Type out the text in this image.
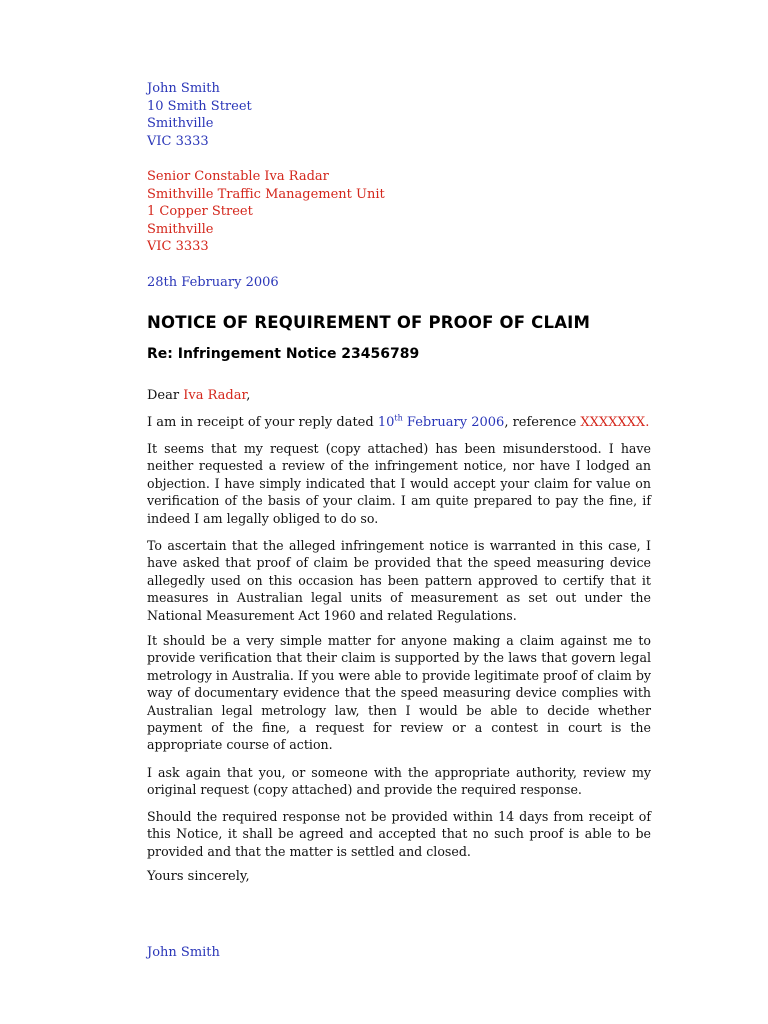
John Smith
10 Smith Street
Smithville
VIC 3333
Senior Constable Iva Radar
Smithville Traffic Management Unit
1 Copper Street
Smithville
VIC 3333
28th February 2006
NOTICE OF REQUIREMENT OF PROOF OF CLAIM
Re: Infringement Notice 23456789
Dear Iva Radar,
I am in receipt of your reply dated 10th February 2006, reference XXXXXXX.
It seems that my request (copy attached) has been misunderstood. I have neither requested a review of the infringement notice, nor have I lodged an objection. I have simply indicated that I would accept your claim for value on verification of the basis of your claim. I am quite prepared to pay the fine, if indeed I am legally obliged to do so.
To ascertain that the alleged infringement notice is warranted in this case, I have asked that proof of claim be provided that the speed measuring device allegedly used on this occasion has been pattern approved to certify that it measures in Australian legal units of measurement as set out under the National Measurement Act 1960 and related Regulations.
It should be a very simple matter for anyone making a claim against me to provide verification that their claim is supported by the laws that govern legal metrology in Australia. If you were able to provide legitimate proof of claim by way of documentary evidence that the speed measuring device complies with Australian legal metrology law, then I would be able to decide whether payment of the fine, a request for review or a contest in court is the appropriate course of action.
I ask again that you, or someone with the appropriate authority, review my original request (copy attached) and provide the required response.
Should the required response not be provided within 14 days from receipt of this Notice, it shall be agreed and accepted that no such proof is able to be provided and that the matter is settled and closed.
Yours sincerely,
John Smith
